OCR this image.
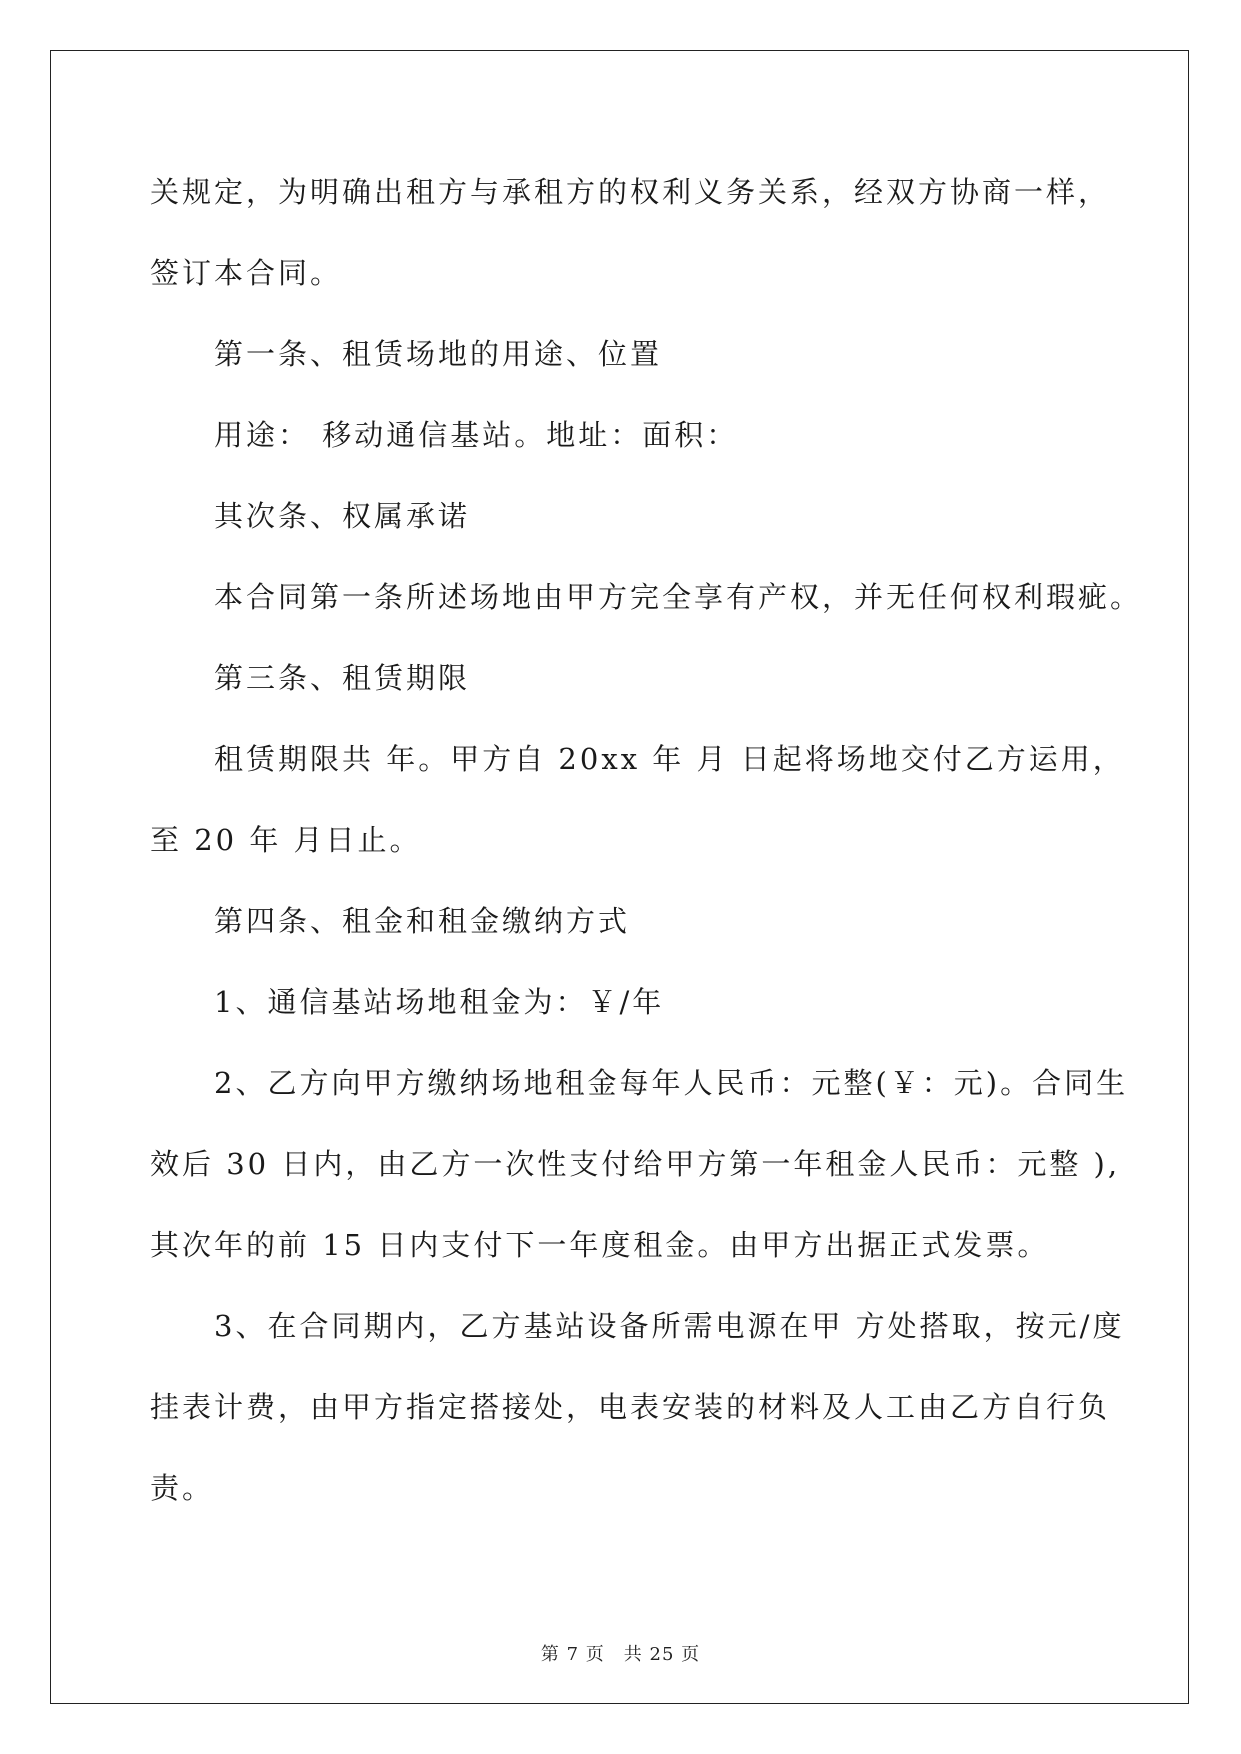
关规定，为明确出租方与承租方的权利义务关系，经双方协商一样，
签订本合同。
第一条、租赁场地的用途、位置
用途： 移动通信基站。地址：面积：
其次条、权属承诺
本合同第一条所述场地由甲方完全享有产权，并无任何权利瑕疵。
第三条、租赁期限
租赁期限共 年。甲方自 20xx 年 月 日起将场地交付乙方运用，
至 20 年 月日止。
第四条、租金和租金缴纳方式
1、通信基站场地租金为：￥/年
2、乙方向甲方缴纳场地租金每年人民币：元整(￥：元)。合同生
效后 30 日内，由乙方一次性支付给甲方第一年租金人民币：元整 ),
其次年的前 15 日内支付下一年度租金。由甲方出据正式发票。
3、在合同期内，乙方基站设备所需电源在甲 方处搭取，按元/度
挂表计费，由甲方指定搭接处，电表安装的材料及人工由乙方自行负
责。
第 7 页　共 25 页
